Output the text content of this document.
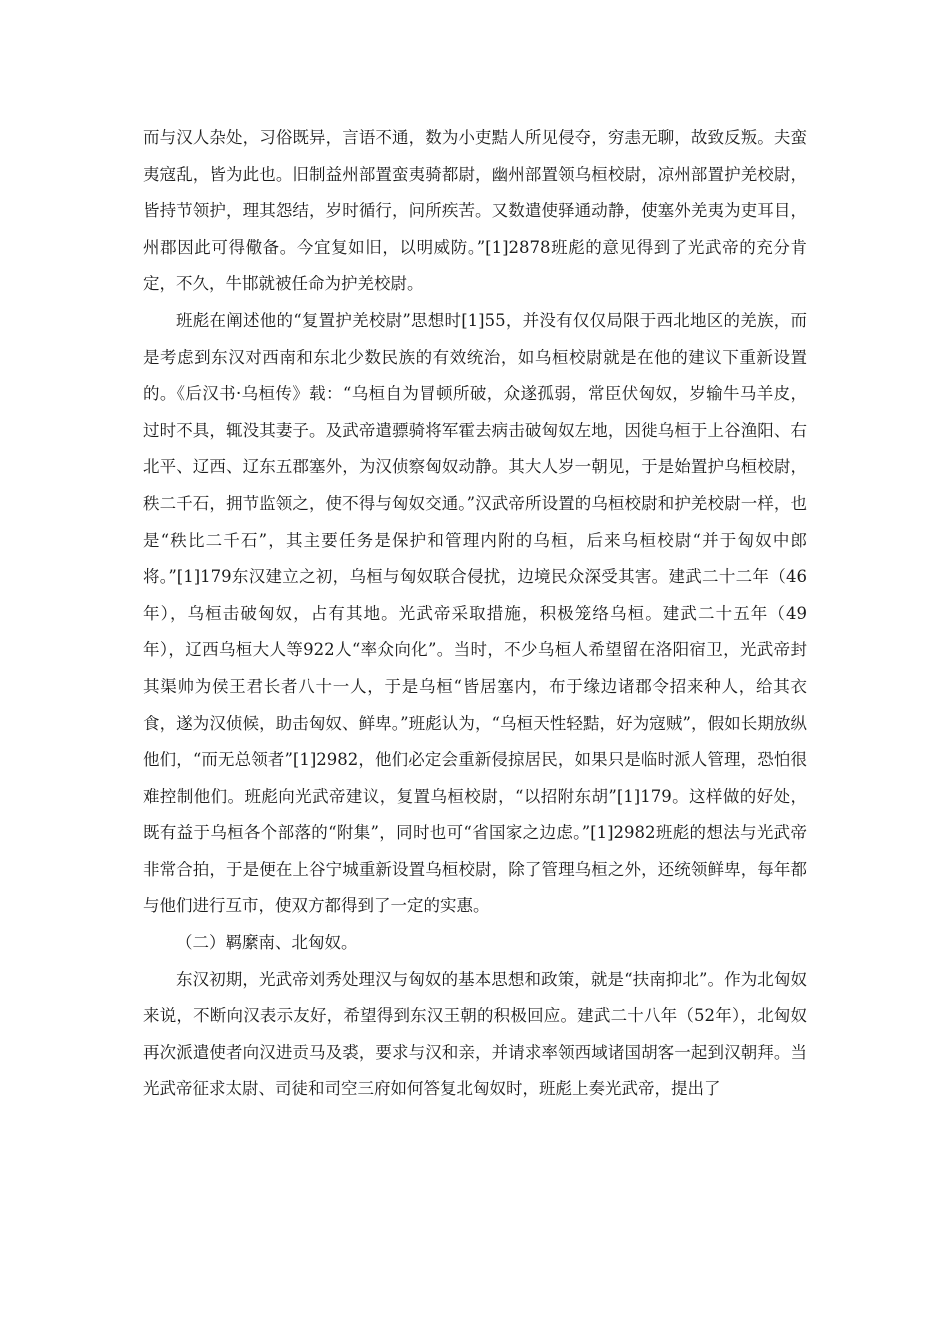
而与汉人杂处，习俗既异，言语不通，数为小吏黠人所见侵夺，穷恚无聊，故致反叛。夫蛮夷寇乱，皆为此也。旧制益州部置蛮夷骑都尉，幽州部置领乌桓校尉，凉州部置护羌校尉，皆持节领护，理其怨结，岁时循行，问所疾苦。又数遣使驿通动静，使塞外羌夷为吏耳目，州郡因此可得儆备。今宜复如旧，以明威防。”[1]2878班彪的意见得到了光武帝的充分肯定，不久，牛邯就被任命为护羌校尉。

班彪在阐述他的“复置护羌校尉”思想时[1]55，并没有仅仅局限于西北地区的羌族，而是考虑到东汉对西南和东北少数民族的有效统治，如乌桓校尉就是在他的建议下重新设置的。《后汉书·乌桓传》载：“乌桓自为冒顿所破，众遂孤弱，常臣伏匈奴，岁输牛马羊皮，过时不具，辄没其妻子。及武帝遣骠骑将军霍去病击破匈奴左地，因徙乌桓于上谷渔阳、右北平、辽西、辽东五郡塞外，为汉侦察匈奴动静。其大人岁一朝见，于是始置护乌桓校尉，秩二千石，拥节监领之，使不得与匈奴交通。”汉武帝所设置的乌桓校尉和护羌校尉一样，也是“秩比二千石”，其主要任务是保护和管理内附的乌桓，后来乌桓校尉“并于匈奴中郎将。”[1]179东汉建立之初，乌桓与匈奴联合侵扰，边境民众深受其害。建武二十二年（46年），乌桓击破匈奴，占有其地。光武帝采取措施，积极笼络乌桓。建武二十五年（49年），辽西乌桓大人等922人“率众向化”。当时，不少乌桓人希望留在洛阳宿卫，光武帝封其渠帅为侯王君长者八十一人，于是乌桓“皆居塞内，布于缘边诸郡令招来种人，给其衣食，遂为汉侦候，助击匈奴、鲜卑。”班彪认为，“乌桓天性轻黠，好为寇贼”，假如长期放纵他们，“而无总领者”[1]2982，他们必定会重新侵掠居民，如果只是临时派人管理，恐怕很难控制他们。班彪向光武帝建议，复置乌桓校尉，“以招附东胡”[1]179。这样做的好处，既有益于乌桓各个部落的“附集”，同时也可“省国家之边虑。”[1]2982班彪的想法与光武帝非常合拍，于是便在上谷宁城重新设置乌桓校尉，除了管理乌桓之外，还统领鲜卑，每年都与他们进行互市，使双方都得到了一定的实惠。

（二）羁縻南、北匈奴。

东汉初期，光武帝刘秀处理汉与匈奴的基本思想和政策，就是“扶南抑北”。作为北匈奴来说，不断向汉表示友好，希望得到东汉王朝的积极回应。建武二十八年（52年），北匈奴再次派遣使者向汉进贡马及裘，要求与汉和亲，并请求率领西域诸国胡客一起到汉朝拜。当光武帝征求太尉、司徒和司空三府如何答复北匈奴时，班彪上奏光武帝，提出了
